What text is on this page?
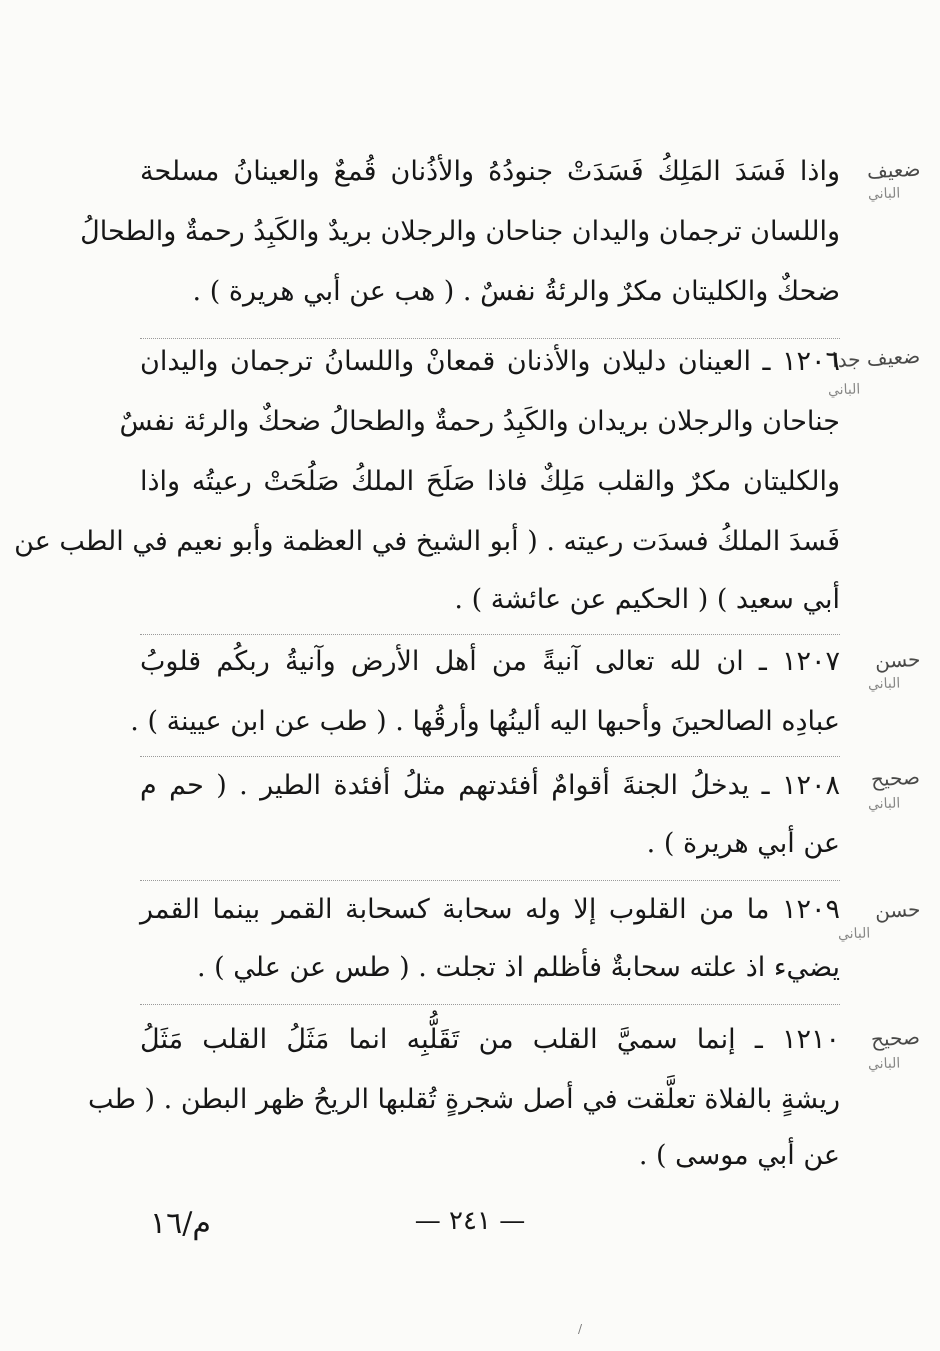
ضعيف
الباني
واذا فَسَدَ المَلِكُ فَسَدَتْ جنودُهُ والأذُنان قُمعٌ والعينانُ مسلحة
واللسان ترجمان واليدان جناحان والرجلان بريدٌ والكَبِدُ رحمةٌ والطحالُ
ضحكٌ والكليتان مكرٌ والرئةُ نفسٌ . ( هب عن أبي هريرة ) .
ضعيف جدا
الباني
١٢٠٦ ـ العينان دليلان والأذنان قمعانْ واللسانُ ترجمان واليدان
جناحان والرجلان بريدان والكَبِدُ رحمةٌ والطحالُ ضحكٌ والرئة نفسٌ
والكليتان مكرٌ والقلب مَلِكٌ فاذا صَلَحَ الملكُ صَلُحَتْ رعيتُه واذا
فَسدَ الملكُ فسدَت رعيته . ( أبو الشيخ في العظمة وأبو نعيم في الطب عن
أبي سعيد ) ( الحكيم عن عائشة ) .
حسن
الباني
١٢٠٧ ـ ان لله تعالى آنيةً من أهل الأرض وآنيةُ ربكُم قلوبُ
عبادِه الصالحينَ وأحبها اليه ألينُها وأرقُها . ( طب عن ابن عيينة ) .
صحيح
الباني
١٢٠٨ ـ يدخلُ الجنةَ أقوامٌ أفئدتهم مثلُ أفئدة الطير . ( حم م
عن أبي هريرة ) .
حسن
الباني
١٢٠٩ ما من القلوب إلا وله سحابة كسحابة القمر بينما القمر
يضيء اذ علته سحابةٌ فأظلم اذ تجلت . ( طس عن علي ) .
صحيح
الباني
١٢١٠ ـ إنما سميَّ القلب من تَقَلُّبِه انما مَثَلُ القلب مَثَلُ
ريشةٍ بالفلاة تعلَّقت في أصل شجرةٍ تُقلبها الريحُ ظهر البطن . ( طب
عن أبي موسى ) .
— ٢٤١ —
م/١٦
/
